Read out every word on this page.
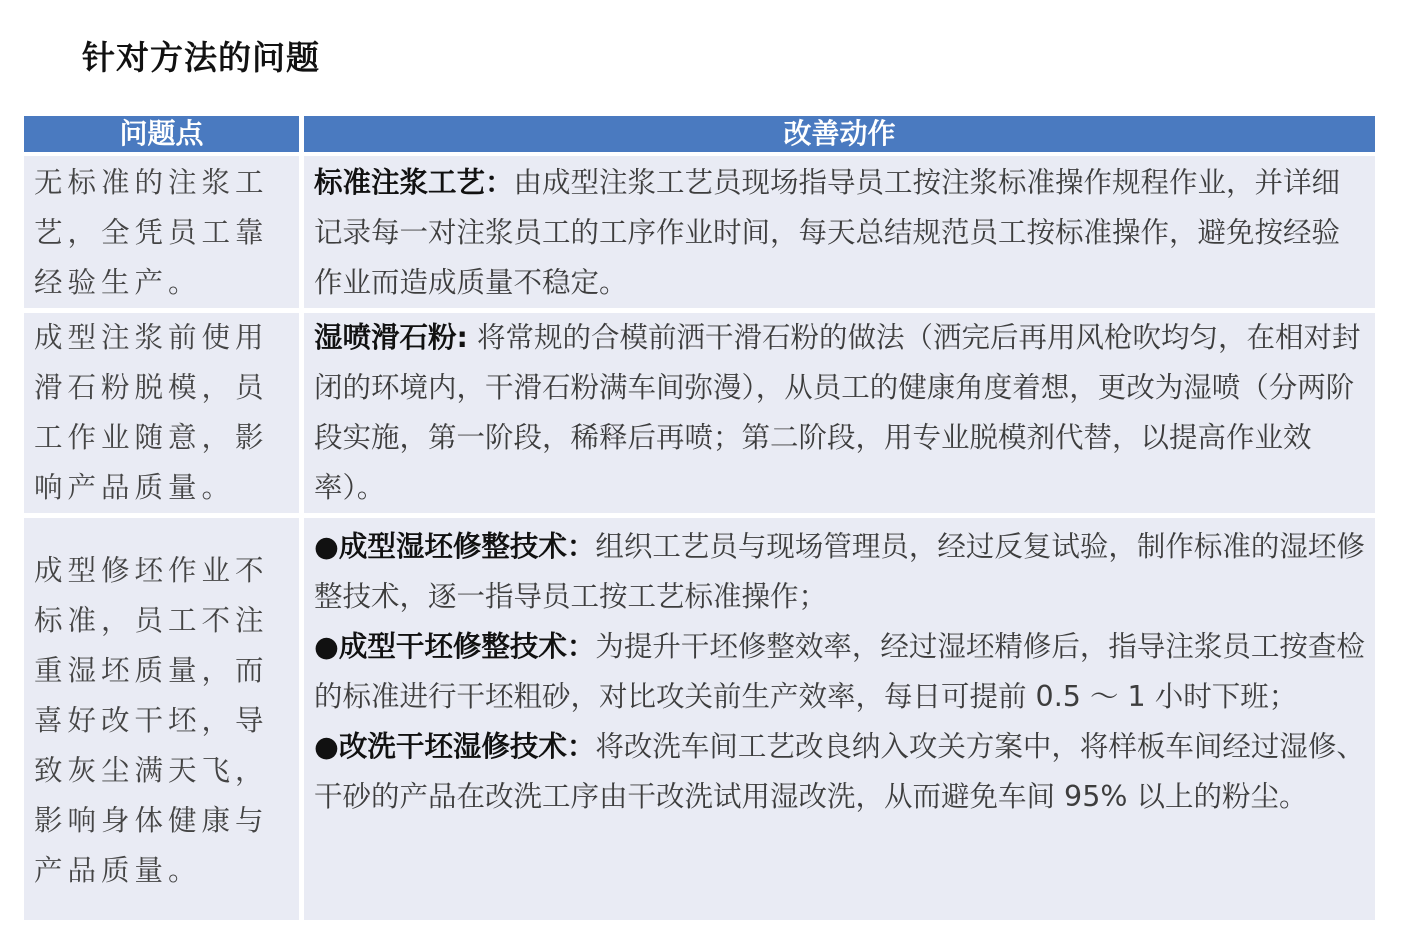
针对方法的问题
问题点	改善动作
无标准的注浆工艺，全凭员工靠经验生产。	标准注浆工艺：由成型注浆工艺员现场指导员工按注浆标准操作规程作业，并详细记录每一对注浆员工的工序作业时间，每天总结规范员工按标准操作，避免按经验作业而造成质量不稳定。
成型注浆前使用滑石粉脱模，员工作业随意，影响产品质量。	湿喷滑石粉: 将常规的合模前洒干滑石粉的做法（洒完后再用风枪吹均匀，在相对封闭的环境内，干滑石粉满车间弥漫），从员工的健康角度着想，更改为湿喷（分两阶段实施，第一阶段，稀释后再喷；第二阶段，用专业脱模剂代替，以提高作业效率）。
成型修坯作业不标准，员工不注重湿坯质量，而喜好改干坯，导致灰尘满天飞，影响身体健康与产品质量。	●成型湿坯修整技术：组织工艺员与现场管理员，经过反复试验，制作标准的湿坯修整技术，逐一指导员工按工艺标准操作；
●成型干坯修整技术：为提升干坯修整效率，经过湿坯精修后，指导注浆员工按查检的标准进行干坯粗砂，对比攻关前生产效率，每日可提前 0.5 ～ 1 小时下班；
●改洗干坯湿修技术：将改洗车间工艺改良纳入攻关方案中，将样板车间经过湿修、干砂的产品在改洗工序由干改洗试用湿改洗，从而避免车间 95% 以上的粉尘。
